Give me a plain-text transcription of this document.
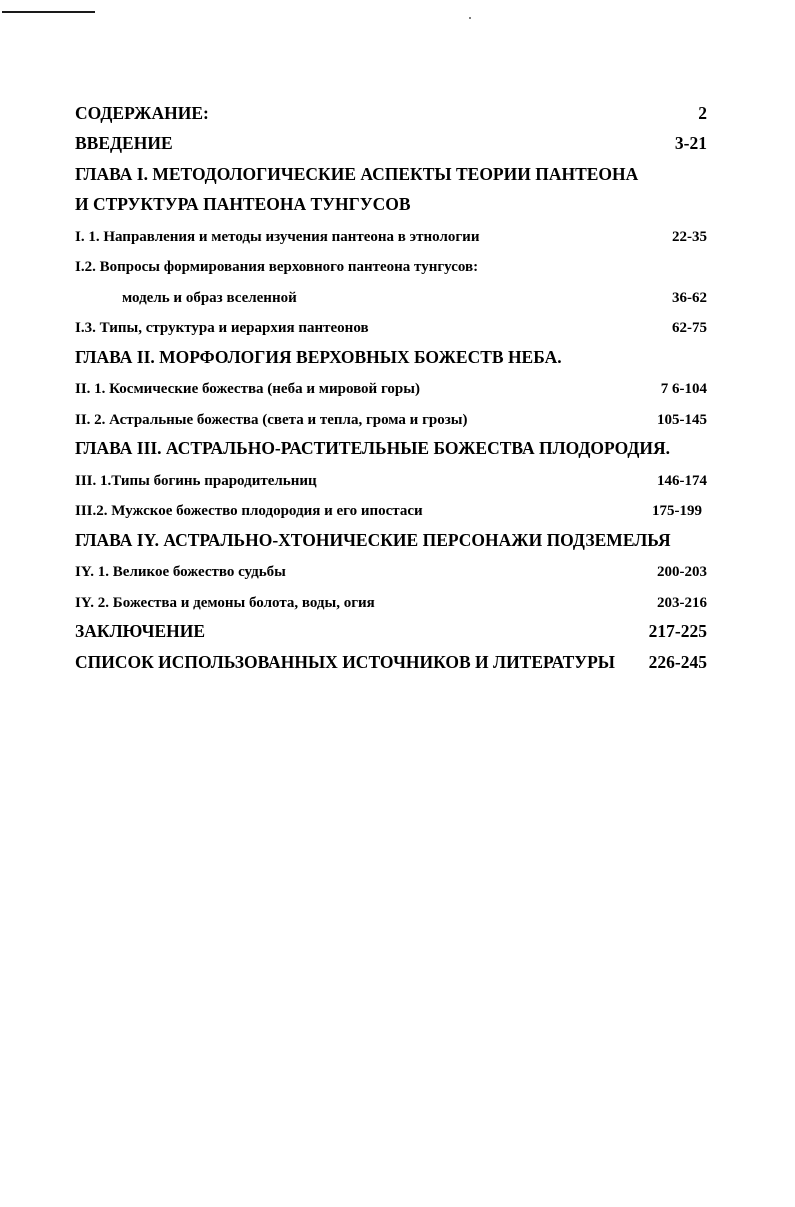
СОДЕРЖАНИЕ:	2
ВВЕДЕНИЕ	3-21
ГЛАВА I. МЕТОДОЛОГИЧЕСКИЕ АСПЕКТЫ ТЕОРИИ ПАНТЕОНА
И СТРУКТУРА ПАНТЕОНА ТУНГУСОВ
I. 1. Направления и методы изучения пантеона в этнологии	22-35
I.2. Вопросы формирования верховного пантеона тунгусов:
модель и образ вселенной	36-62
I.3. Типы, структура и иерархия пантеонов	62-75
ГЛАВА II. МОРФОЛОГИЯ ВЕРХОВНЫХ БОЖЕСТВ НЕБА.
II. 1. Космические божества (неба и мировой горы)	7 6-104
II. 2. Астральные божества (света и тепла, грома и грозы)	105-145
ГЛАВА III. АСТРАЛЬНО-РАСТИТЕЛЬНЫЕ БОЖЕСТВА ПЛОДОРОДИЯ.
III. 1.Типы богинь прародительниц	146-174
III.2. Мужское божество плодородия и его ипостаси	175-199
ГЛАВА IY. АСТРАЛЬНО-ХТОНИЧЕСКИЕ ПЕРСОНАЖИ ПОДЗЕМЕЛЬЯ
IY. 1. Великое божество судьбы	200-203
IY. 2. Божества и демоны болота, воды, огия	203-216
ЗАКЛЮЧЕНИЕ	217-225
СПИСОК ИСПОЛЬЗОВАННЫХ ИСТОЧНИКОВ И ЛИТЕРАТУРЫ 226-245
